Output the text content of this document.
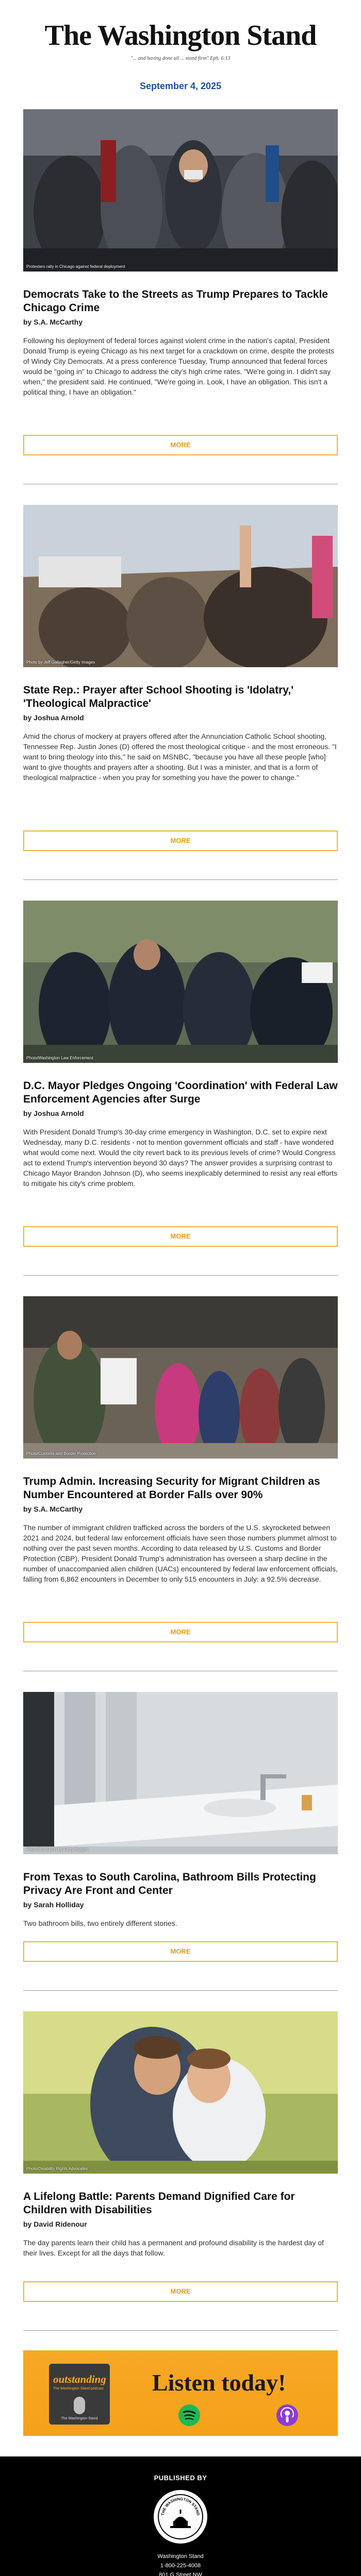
The Washington Stand
"... and having done all ... stand firm" Eph. 6:13
September 4, 2025
Protesters rally in Chicago against federal deployment
Democrats Take to the Streets as Trump Prepares to Tackle Chicago Crime
by S.A. McCarthy

Following his deployment of federal forces against violent crime in the nation's capital, President Donald Trump is eyeing Chicago as his next target for a crackdown on crime, despite the protests of Windy City Democrats. At a press conference Tuesday, Trump announced that federal forces would be "going in" to Chicago to address the city's high crime rates. "We're going in. I didn't say when," the president said. He continued, "We're going in. Look, I have an obligation. This isn't a political thing, I have an obligation."

MORE
Photo by Jeff Gallagher/Getty Images
State Rep.: Prayer after School Shooting is 'Idolatry,' 'Theological Malpractice'
by Joshua Arnold

Amid the chorus of mockery at prayers offered after the Annunciation Catholic School shooting, Tennessee Rep. Justin Jones (D) offered the most theological critique - and the most erroneous. "I want to bring theology into this," he said on MSNBC, "because you have all these people [who] want to give thoughts and prayers after a shooting. But I was a minister, and that is a form of theological malpractice - when you pray for something you have the power to change."

MORE
Photo/Washington Law Enforcement
D.C. Mayor Pledges Ongoing 'Coordination' with Federal Law Enforcement Agencies after Surge
by Joshua Arnold

With President Donald Trump's 30-day crime emergency in Washington, D.C. set to expire next Wednesday, many D.C. residents - not to mention government officials and staff - have wondered what would come next. Would the city revert back to its previous levels of crime? Would Congress act to extend Trump's intervention beyond 30 days? The answer provides a surprising contrast to Chicago Mayor Brandon Johnson (D), who seems inexplicably determined to resist any real efforts to mitigate his city's crime problem.

MORE
Photo/Customs and Border Protection
Trump Admin. Increasing Security for Migrant Children as Number Encountered at Border Falls over 90%
by S.A. McCarthy

The number of immigrant children trafficked across the borders of the U.S. skyrocketed between 2021 and 2024, but federal law enforcement officials have seen those numbers plummet almost to nothing over the past seven months. According to data released by U.S. Customs and Border Protection (CBP), President Donald Trump's administration has overseen a sharp decline in the number of unaccompanied alien children (UACs) encountered by federal law enforcement officials, falling from 6,862 encounters in December to only 515 encounters in July: a 92.5% decrease.

MORE
Photo/Illustration by Getty Images
From Texas to South Carolina, Bathroom Bills Protecting Privacy Are Front and Center
by Sarah Holliday

Two bathroom bills, two entirely different stories.

MORE
Photo/Disability Rights Advocates
A Lifelong Battle: Parents Demand Dignified Care for Children with Disabilities
by David Ridenour

The day parents learn their child has a permanent and profound disability is the hardest day of their lives. Except for all the days that follow.

MORE
outstanding
The Washington Stand podcast
The Washington Stand
Listen today!
PUBLISHED BY
THE WASHINGTON STAND
Washington Stand
1-800-225-4008
801 G Street NW
